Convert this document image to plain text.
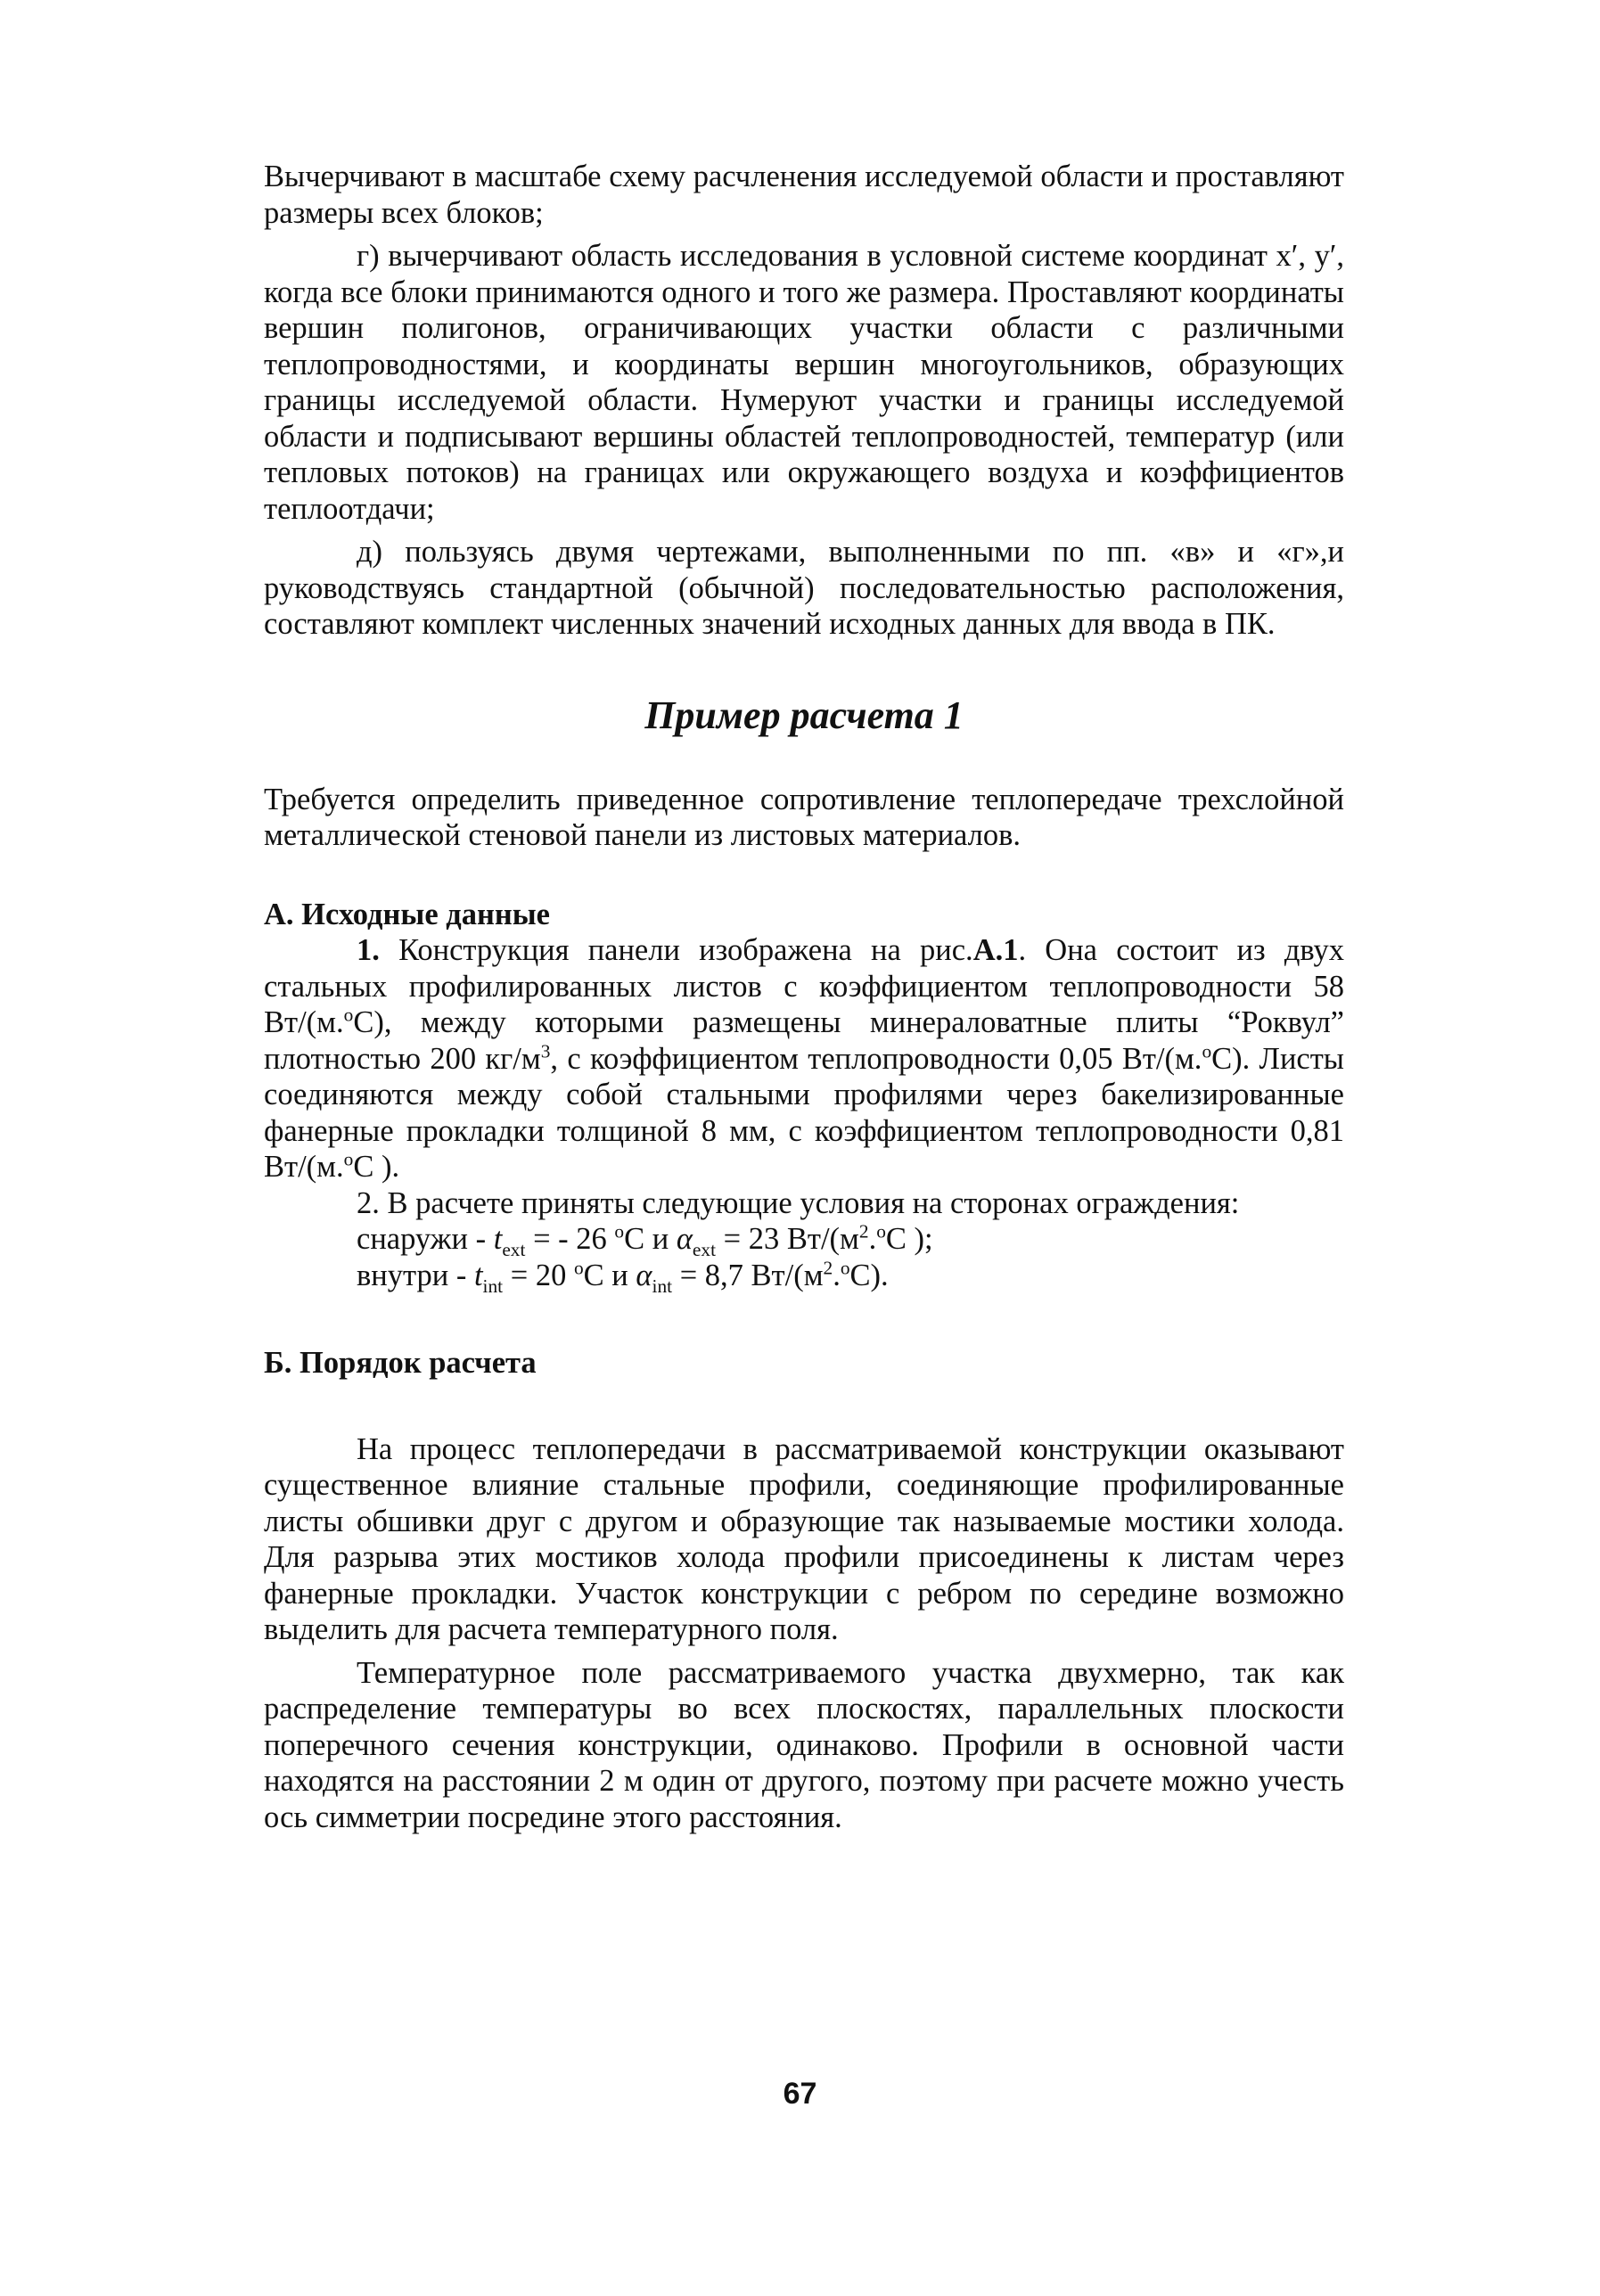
Вычерчивают в масштабе схему расчленения исследуемой области и проставляют размеры всех блоков;

г) вычерчивают область исследования в условной системе координат x′, y′, когда все блоки принимаются одного и того же размера. Проставляют координаты вершин полигонов, ограничивающих участки области с различными теплопроводностями, и координаты вершин многоугольников, образующих границы исследуемой области. Нумеруют участки и границы исследуемой области и подписывают вершины областей теплопроводностей, температур (или тепловых потоков) на границах или окружающего воздуха и коэффициентов теплоотдачи;

д) пользуясь двумя чертежами, выполненными по пп. «в» и «г»,и руководствуясь стандартной (обычной) последовательностью расположения, составляют комплект численных значений исходных данных для ввода в ПК.

Пример расчета 1

Требуется определить приведенное сопротивление теплопередаче трехслойной металлической стеновой панели из листовых материалов.

А. Исходные данные

1. Конструкция панели изображена на рис.А.1. Она состоит из двух стальных профилированных листов с коэффициентом теплопроводности 58 Вт/(м.$^о$С), между которыми размещены минераловатные плиты “Роквул” плотностью 200 $кг/м^3$, с коэффициентом теплопроводности 0,05 Вт/(м.$^о$С). Листы соединяются между собой стальными профилями через бакелизированные фанерные прокладки толщиной 8 мм, с коэффициентом теплопроводности 0,81 Вт/(м.$^о$С ).

2. В расчете приняты следующие условия на сторонах ограждения:

снаружи - $t_{ext}$ = - 26 $^о$С и $\alpha_{ext} = 23$ $Вт/(м^2.^оС$ );

внутри - $t_{int} = 20$ $^о$С и $\alpha_{int} = 8,7$ $Вт/(м^2.^оС)$.

Б. Порядок расчета

На процесс теплопередачи в рассматриваемой конструкции оказывают существенное влияние стальные профили, соединяющие профилированные листы обшивки друг с другом и образующие так называемые мостики холода. Для разрыва этих мостиков холода профили присоединены к листам через фанерные прокладки. Участок конструкции с ребром по середине возможно выделить для расчета температурного поля.

Температурное поле рассматриваемого участка двухмерно, так как распределение температуры во всех плоскостях, параллельных плоскости поперечного сечения конструкции, одинаково. Профили в основной части находятся на расстоянии 2 м один от другого, поэтому при расчете можно учесть ось симметрии посредине этого расстояния.

67
